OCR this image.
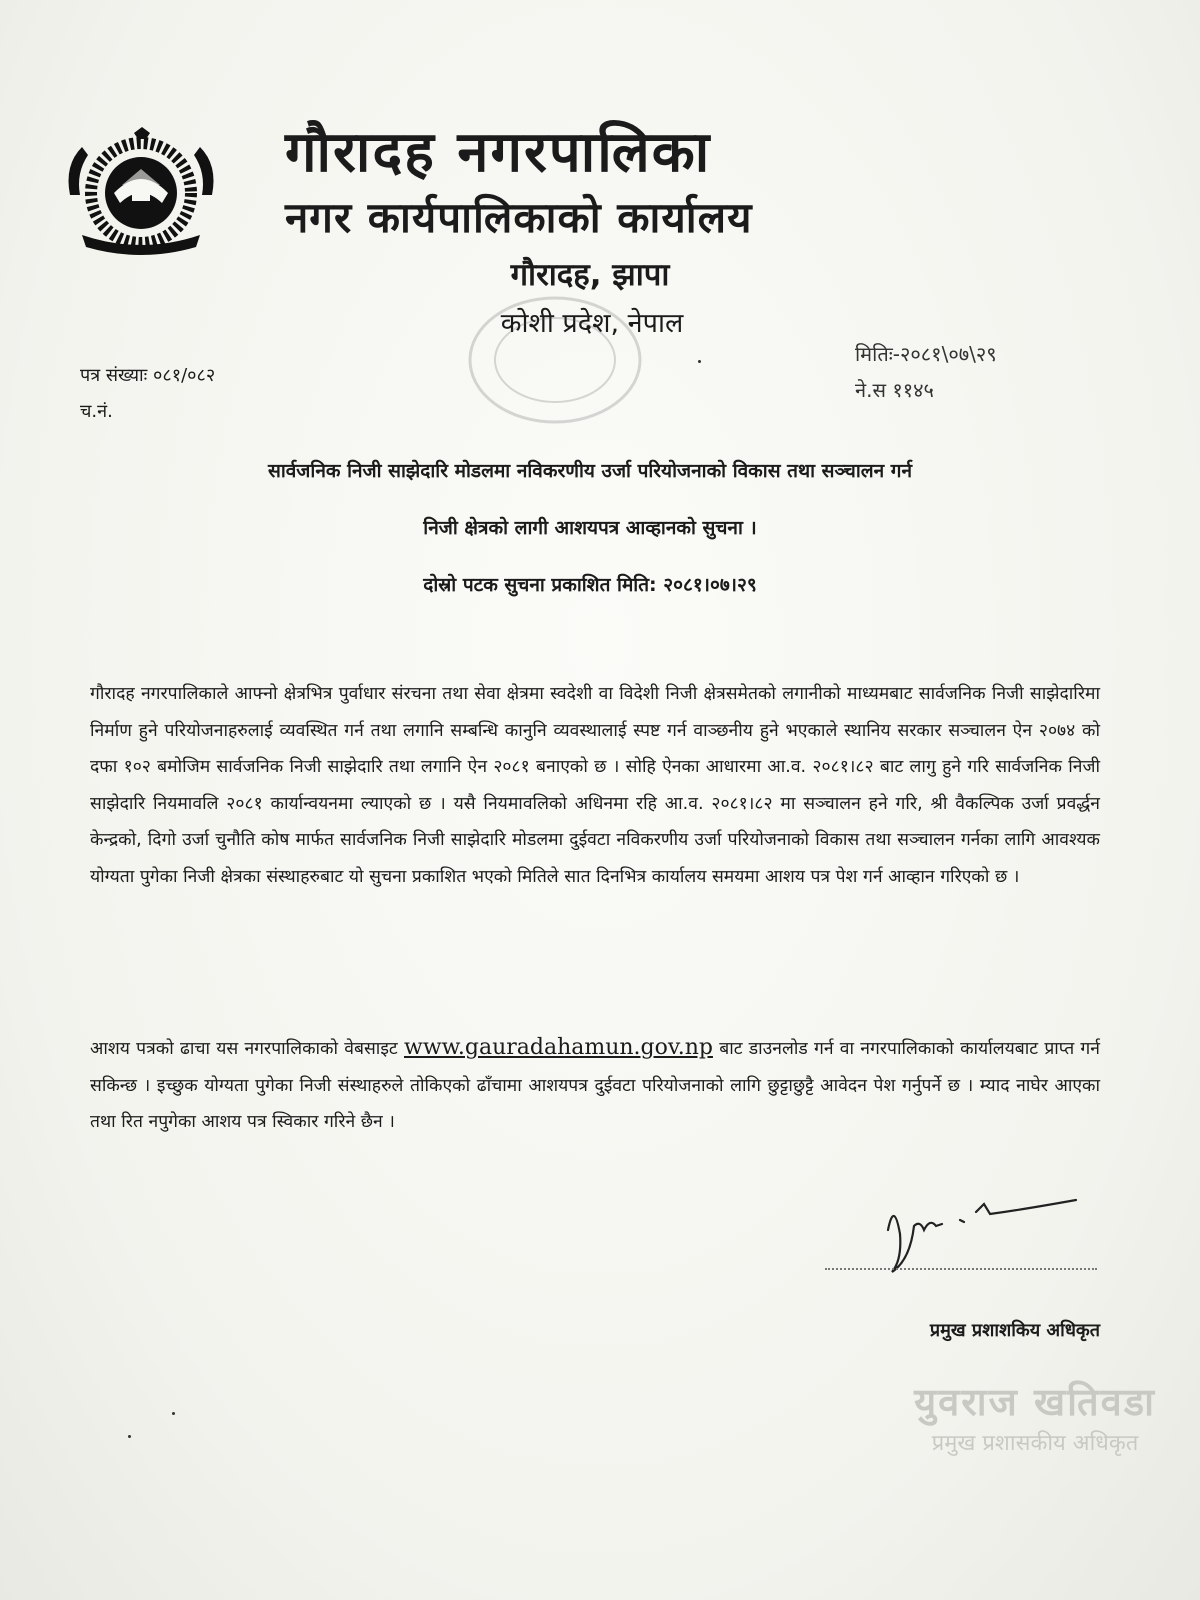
गौरादह नगरपालिका
नगर कार्यपालिकाको कार्यालय
गौरादह, झापा
कोशी प्रदेश, नेपाल
पत्र संख्याः ०८१/०८२
च.नं.
मितिः-२०८१\०७\२९
ने.स ११४५
सार्वजनिक निजी साझेदारि मोडलमा नविकरणीय उर्जा परियोजनाको विकास तथा सञ्चालन गर्न
निजी क्षेत्रको लागी आशयपत्र आव्हानको सुचना ।
दोस्रो पटक सुचना प्रकाशित मिति: २०८१।०७।२९
गौरादह नगरपालिकाले आफ्नो क्षेत्रभित्र पुर्वाधार संरचना तथा सेवा क्षेत्रमा स्वदेशी वा विदेशी निजी क्षेत्रसमेतको लगानीको माध्यमबाट सार्वजनिक निजी साझेदारिमा निर्माण हुने परियोजनाहरुलाई व्यवस्थित गर्न तथा लगानि सम्बन्धि कानुनि व्यवस्थालाई स्पष्ट गर्न वाञ्छनीय हुने भएकाले स्थानिय सरकार सञ्चालन ऐन २०७४ को दफा १०२ बमोजिम सार्वजनिक निजी साझेदारि तथा लगानि ऐन २०८१ बनाएको छ । सोहि ऐनका आधारमा आ.व. २०८१।८२ बाट लागु हुने गरि सार्वजनिक निजी साझेदारि नियमावलि २०८१ कार्यान्वयनमा ल्याएको छ । यसै नियमावलिको अधिनमा रहि आ.व. २०८१।८२ मा सञ्चालन हने गरि, श्री वैकल्पिक उर्जा प्रवर्द्धन केन्द्रको, दिगो उर्जा चुनौति कोष मार्फत सार्वजनिक निजी साझेदारि मोडलमा दुईवटा नविकरणीय उर्जा परियोजनाको विकास तथा सञ्चालन गर्नका लागि आवश्यक योग्यता पुगेका निजी क्षेत्रका संस्थाहरुबाट यो सुचना प्रकाशित भएको मितिले सात दिनभित्र कार्यालय समयमा आशय पत्र पेश गर्न आव्हान गरिएको छ ।
आशय पत्रको ढाचा यस नगरपालिकाको वेबसाइट www.gauradahamun.gov.np बाट डाउनलोड गर्न वा नगरपालिकाको कार्यालयबाट प्राप्त गर्न सकिन्छ । इच्छुक योग्यता पुगेका निजी संस्थाहरुले तोकिएको ढाँचामा आशयपत्र दुईवटा परियोजनाको लागि छुट्टाछुट्टै आवेदन पेश गर्नुपर्ने छ । म्याद नाघेर आएका तथा रित नपुगेका आशय पत्र स्विकार गरिने छैन ।
प्रमुख प्रशाशकिय अधिकृत
युवराज खतिवडा
प्रमुख प्रशासकीय अधिकृत
